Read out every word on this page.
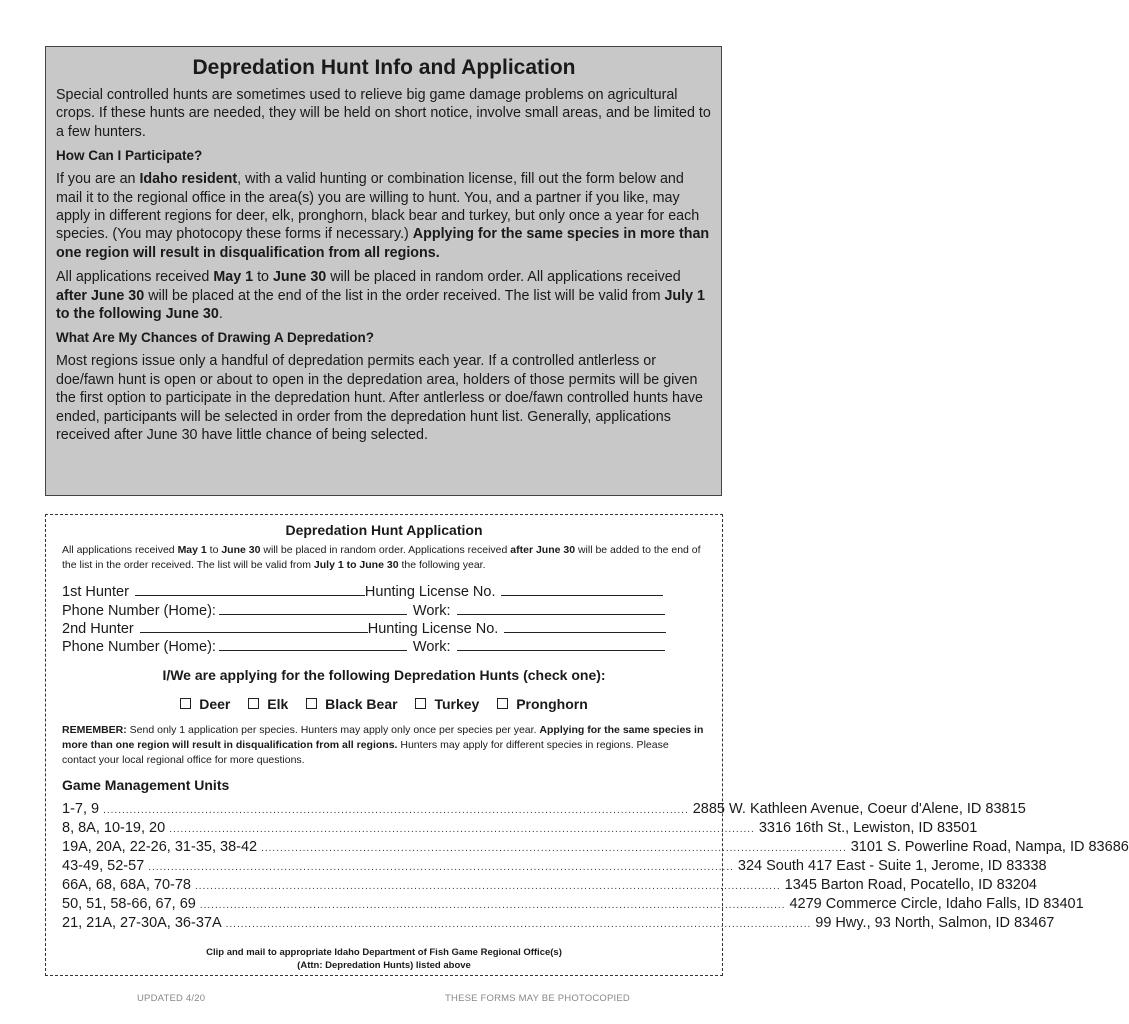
Depredation Hunt Info and Application

Special controlled hunts are sometimes used to relieve big game damage problems on agricultural crops. If these hunts are needed, they will be held on short notice, involve small areas, and be limited to a few hunters.

How Can I Participate?

If you are an Idaho resident, with a valid hunting or combination license, fill out the form below and mail it to the regional office in the area(s) you are willing to hunt. You, and a partner if you like, may apply in different regions for deer, elk, pronghorn, black bear and turkey, but only once a year for each species. (You may photocopy these forms if necessary.) Applying for the same species in more than one region will result in disqualification from all regions.

All applications received May 1 to June 30 will be placed in random order. All applications received after June 30 will be placed at the end of the list in the order received. The list will be valid from July 1 to the following June 30.

What Are My Chances of Drawing A Depredation?

Most regions issue only a handful of depredation permits each year. If a controlled antlerless or doe/fawn hunt is open or about to open in the depredation area, holders of those permits will be given the first option to participate in the depredation hunt. After antlerless or doe/fawn controlled hunts have ended, participants will be selected in order from the depredation hunt list. Generally, applications received after June 30 have little chance of being selected.

Depredation Hunt Application
All applications received May 1 to June 30 will be placed in random order. Applications received after June 30 will be added to the end of the list in the order received. The list will be valid from July 1 to June 30 the following year.
1st Hunter	Hunting License No.
Phone Number (Home):	Work:
2nd Hunter	Hunting License No.
Phone Number (Home):	Work:
I/We are applying for the following Depredation Hunts (check one):
Deer	Elk	Black Bear	Turkey	Pronghorn
REMEMBER: Send only 1 application per species. Hunters may apply only once per species per year. Applying for the same species in more than one region will result in disqualification from all regions. Hunters may apply for different species in regions. Please contact your local regional office for more questions.
Game Management Units
1-7, 9 ........................................................................................................................................................... 2885 W. Kathleen Avenue, Coeur d'Alene, ID 83815
8, 8A, 10-19, 20 ........................................................................................................................................................... 3316 16th St., Lewiston, ID 83501
19A, 20A, 22-26, 31-35, 38-42 ........................................................................................................................................................... 3101 S. Powerline Road, Nampa, ID 83686
43-49, 52-57 ........................................................................................................................................................... 324 South 417 East - Suite 1, Jerome, ID 83338
66A, 68, 68A, 70-78 ........................................................................................................................................................... 1345 Barton Road, Pocatello, ID 83204
50, 51, 58-66, 67, 69 ........................................................................................................................................................... 4279 Commerce Circle, Idaho Falls, ID 83401
21, 21A, 27-30A, 36-37A ........................................................................................................................................................... 99 Hwy., 93 North, Salmon, ID 83467
Clip and mail to appropriate Idaho Department of Fish Game Regional Office(s)
(Attn: Depredation Hunts) listed above
UPDATED 4/20	THESE FORMS MAY BE PHOTOCOPIED
